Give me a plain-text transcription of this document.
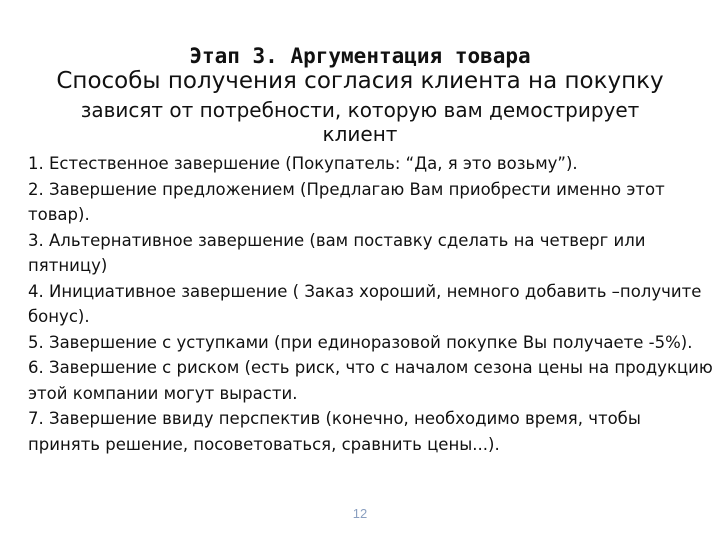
Этап 3. Аргументация товара
Способы получения согласия клиента на покупку
зависят от потребности, которую вам демострирует
клиент
1. Естественное завершение (Покупатель: “Да, я это возьму”).
2. Завершение предложением (Предлагаю Вам приобрести именно этот товар).
3. Альтернативное завершение (вам поставку сделать на четверг или пятницу)
4. Инициативное завершение ( Заказ хороший, немного добавить –получите бонус).
5. Завершение с уступками (при единоразовой покупке Вы получаете -5%).
6. Завершение с риском (есть риск, что с началом сезона цены на продукцию этой компании могут вырасти.
7. Завершение ввиду перспектив (конечно, необходимо время, чтобы принять решение, посоветоваться, сравнить цены...).
12
